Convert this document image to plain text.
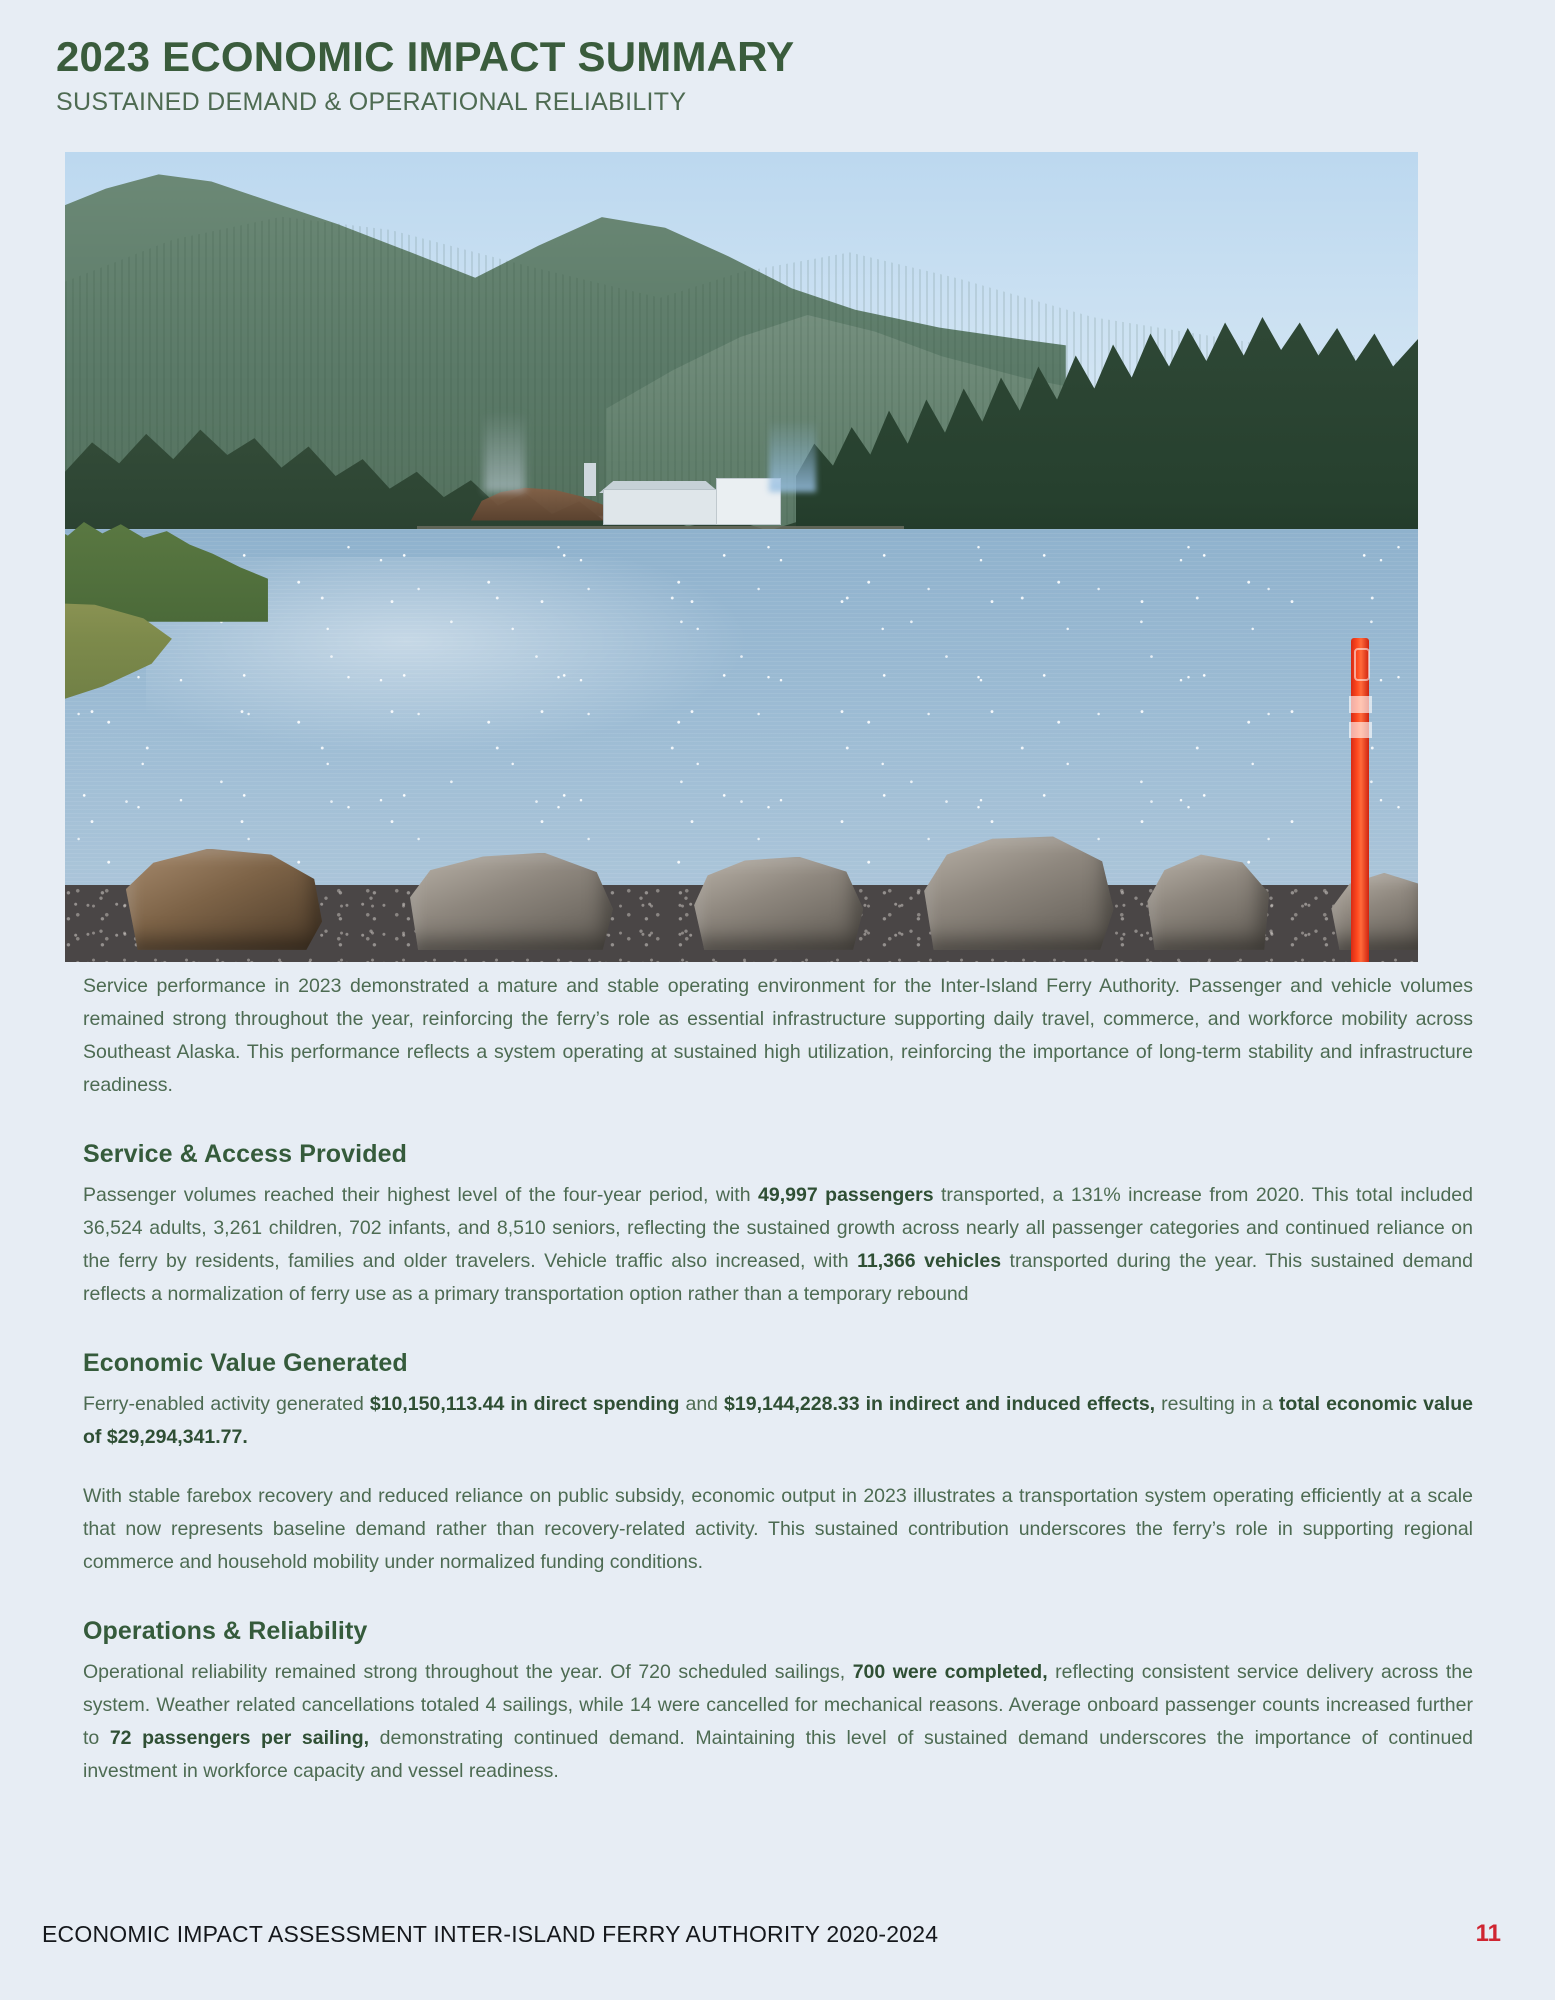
2023 ECONOMIC IMPACT SUMMARY
SUSTAINED DEMAND & OPERATIONAL RELIABILITY

Service performance in 2023 demonstrated a mature and stable operating environment for the Inter-Island Ferry Authority. Passenger and vehicle volumes remained strong throughout the year, reinforcing the ferry’s role as essential infrastructure supporting daily travel, commerce, and workforce mobility across Southeast Alaska. This performance reflects a system operating at sustained high utilization, reinforcing the importance of long-term stability and infrastructure readiness.

Service & Access Provided

Passenger volumes reached their highest level of the four-year period, with 49,997 passengers transported, a 131% increase from 2020. This total included 36,524 adults, 3,261 children, 702 infants, and 8,510 seniors, reflecting the sustained growth across nearly all passenger categories and continued reliance on the ferry by residents, families and older travelers. Vehicle traffic also increased, with 11,366 vehicles transported during the year. This sustained demand reflects a normalization of ferry use as a primary transportation option rather than a temporary rebound

Economic Value Generated

Ferry-enabled activity generated $10,150,113.44 in direct spending and $19,144,228.33 in indirect and induced effects, resulting in a total economic value of $29,294,341.77.

With stable farebox recovery and reduced reliance on public subsidy, economic output in 2023 illustrates a transportation system operating efficiently at a scale that now represents baseline demand rather than recovery-related activity. This sustained contribution underscores the ferry’s role in supporting regional commerce and household mobility under normalized funding conditions.

Operations & Reliability

Operational reliability remained strong throughout the year. Of 720 scheduled sailings, 700 were completed, reflecting consistent service delivery across the system. Weather related cancellations totaled 4 sailings, while 14 were cancelled for mechanical reasons. Average onboard passenger counts increased further to 72 passengers per sailing, demonstrating continued demand. Maintaining this level of sustained demand underscores the importance of continued investment in workforce capacity and vessel readiness.

ECONOMIC IMPACT ASSESSMENT INTER-ISLAND FERRY AUTHORITY 2020-2024	11
